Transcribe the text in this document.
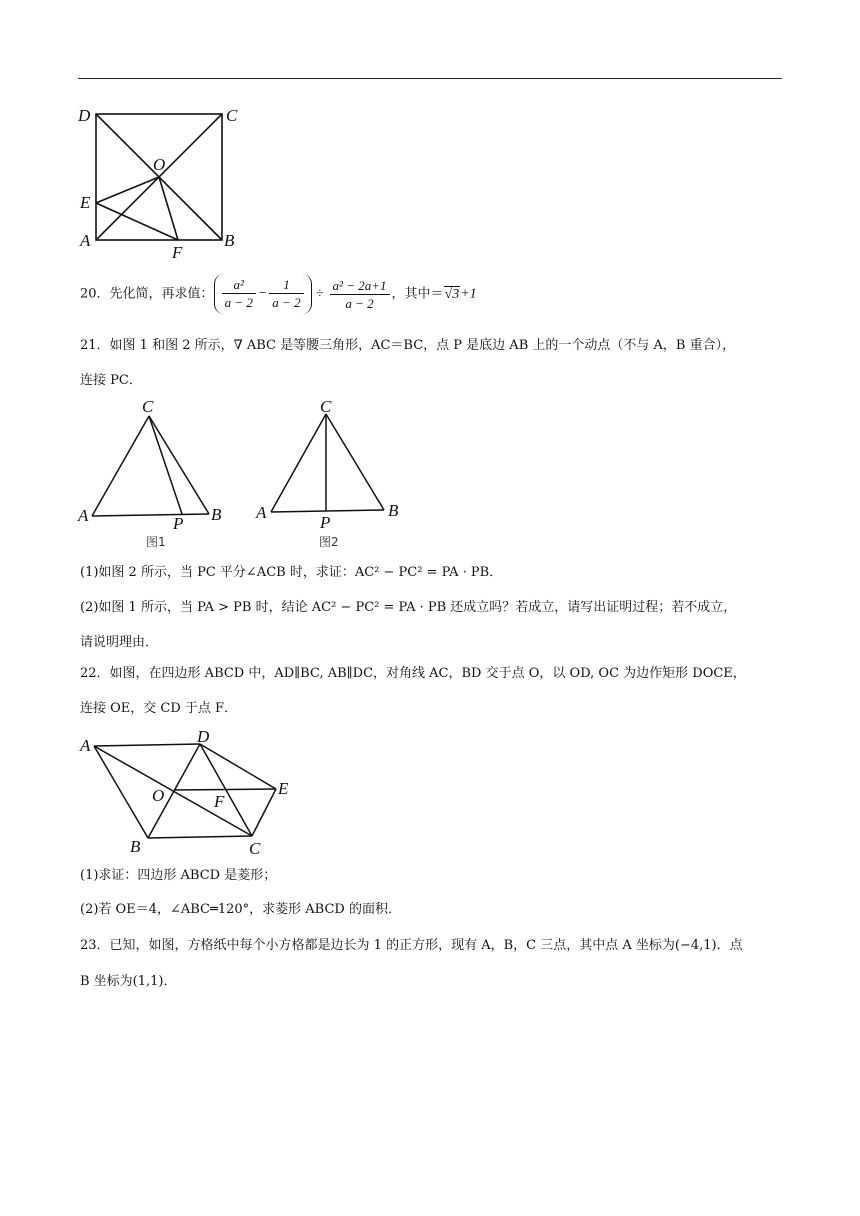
D	C
O
E
A
F
B
20．先化简，再求值： $\frac{\text{a²}}{a - 2} - \frac{1}{a - 2} \div \frac{\text{a² − 2a+1}}{a - 2}$ ，其中＝√3+1
21．如图 1 和图 2 所示，∇ ABC 是等腰三角形，AC＝BC，点 P 是底边 AB 上的一个动点（不与 A，B 重合），
连接 PC．
C
A	P B
图1
C
A
P
B
图2
(1)如图 2 所示，当 PC 平分∠ACB 时，求证：AC² − PC² = PA · PB．
(2)如图 1 所示，当 PA > PB 时，结论 AC² − PC² = PA · PB 还成立吗？若成立，请写出证明过程；若不成立，
请说明理由．
22．如图，在四边形 ABCD 中，AD∥BC, AB∥DC，对角线 AC，BD 交于点 O，以 OD, OC 为边作矩形 DOCE，
连接 OE，交 CD 于点 F．
A	D
O	F
E
B	C
(1)求证：四边形 ABCD 是菱形；
(2)若 OE＝4，∠ABC═120°，求菱形 ABCD 的面积．
23．已知，如图，方格纸中每个小方格都是边长为 1 的正方形，现有 A，B，C 三点，其中点 A 坐标为(−4,1)．点
B 坐标为(1,1)．
